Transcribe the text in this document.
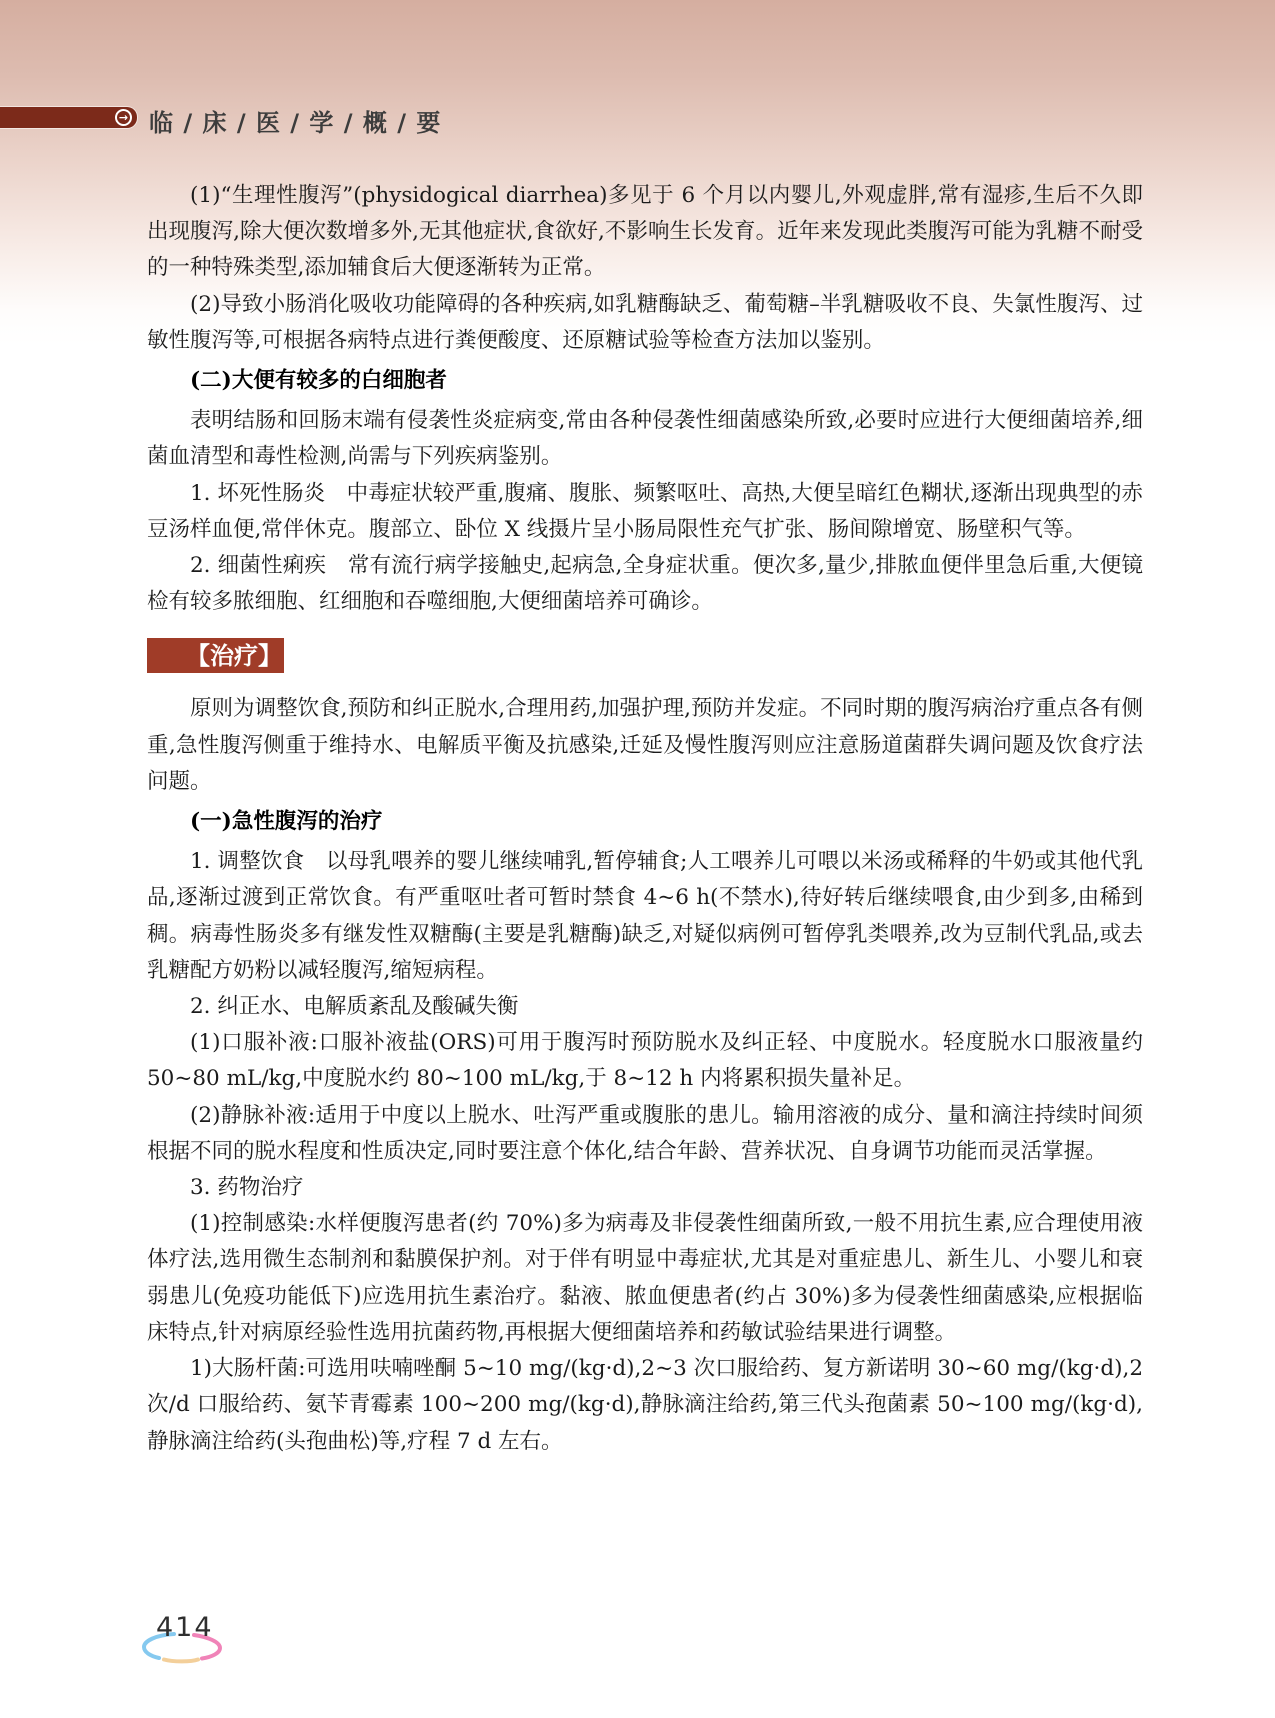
→ 临 / 床 / 医 / 学 / 概 / 要

(1)“生理性腹泻”(physidogical diarrhea)多见于 6 个月以内婴儿,外观虚胖,常有湿疹,生后不久即出现腹泻,除大便次数增多外,无其他症状,食欲好,不影响生长发育。近年来发现此类腹泻可能为乳糖不耐受的一种特殊类型,添加辅食后大便逐渐转为正常。

(2)导致小肠消化吸收功能障碍的各种疾病,如乳糖酶缺乏、葡萄糖–半乳糖吸收不良、失氯性腹泻、过敏性腹泻等,可根据各病特点进行粪便酸度、还原糖试验等检查方法加以鉴别。

(二)大便有较多的白细胞者

表明结肠和回肠末端有侵袭性炎症病变,常由各种侵袭性细菌感染所致,必要时应进行大便细菌培养,细菌血清型和毒性检测,尚需与下列疾病鉴别。

1. 坏死性肠炎　中毒症状较严重,腹痛、腹胀、频繁呕吐、高热,大便呈暗红色糊状,逐渐出现典型的赤豆汤样血便,常伴休克。腹部立、卧位 X 线摄片呈小肠局限性充气扩张、肠间隙增宽、肠壁积气等。

2. 细菌性痢疾　常有流行病学接触史,起病急,全身症状重。便次多,量少,排脓血便伴里急后重,大便镜检有较多脓细胞、红细胞和吞噬细胞,大便细菌培养可确诊。

【治疗】

原则为调整饮食,预防和纠正脱水,合理用药,加强护理,预防并发症。不同时期的腹泻病治疗重点各有侧重,急性腹泻侧重于维持水、电解质平衡及抗感染,迁延及慢性腹泻则应注意肠道菌群失调问题及饮食疗法问题。

(一)急性腹泻的治疗

1. 调整饮食　以母乳喂养的婴儿继续哺乳,暂停辅食;人工喂养儿可喂以米汤或稀释的牛奶或其他代乳品,逐渐过渡到正常饮食。有严重呕吐者可暂时禁食 4~6 h(不禁水),待好转后继续喂食,由少到多,由稀到稠。病毒性肠炎多有继发性双糖酶(主要是乳糖酶)缺乏,对疑似病例可暂停乳类喂养,改为豆制代乳品,或去乳糖配方奶粉以减轻腹泻,缩短病程。

2. 纠正水、电解质紊乱及酸碱失衡

(1)口服补液:口服补液盐(ORS)可用于腹泻时预防脱水及纠正轻、中度脱水。轻度脱水口服液量约 50~80 mL/kg,中度脱水约 80~100 mL/kg,于 8~12 h 内将累积损失量补足。

(2)静脉补液:适用于中度以上脱水、吐泻严重或腹胀的患儿。输用溶液的成分、量和滴注持续时间须根据不同的脱水程度和性质决定,同时要注意个体化,结合年龄、营养状况、自身调节功能而灵活掌握。

3. 药物治疗

(1)控制感染:水样便腹泻患者(约 70%)多为病毒及非侵袭性细菌所致,一般不用抗生素,应合理使用液体疗法,选用微生态制剂和黏膜保护剂。对于伴有明显中毒症状,尤其是对重症患儿、新生儿、小婴儿和衰弱患儿(免疫功能低下)应选用抗生素治疗。黏液、脓血便患者(约占 30%)多为侵袭性细菌感染,应根据临床特点,针对病原经验性选用抗菌药物,再根据大便细菌培养和药敏试验结果进行调整。

1)大肠杆菌:可选用呋喃唑酮 5~10 mg/(kg·d),2~3 次口服给药、复方新诺明 30~60 mg/(kg·d),2 次/d 口服给药、氨苄青霉素 100~200 mg/(kg·d),静脉滴注给药,第三代头孢菌素 50~100 mg/(kg·d),静脉滴注给药(头孢曲松)等,疗程 7 d 左右。

414
